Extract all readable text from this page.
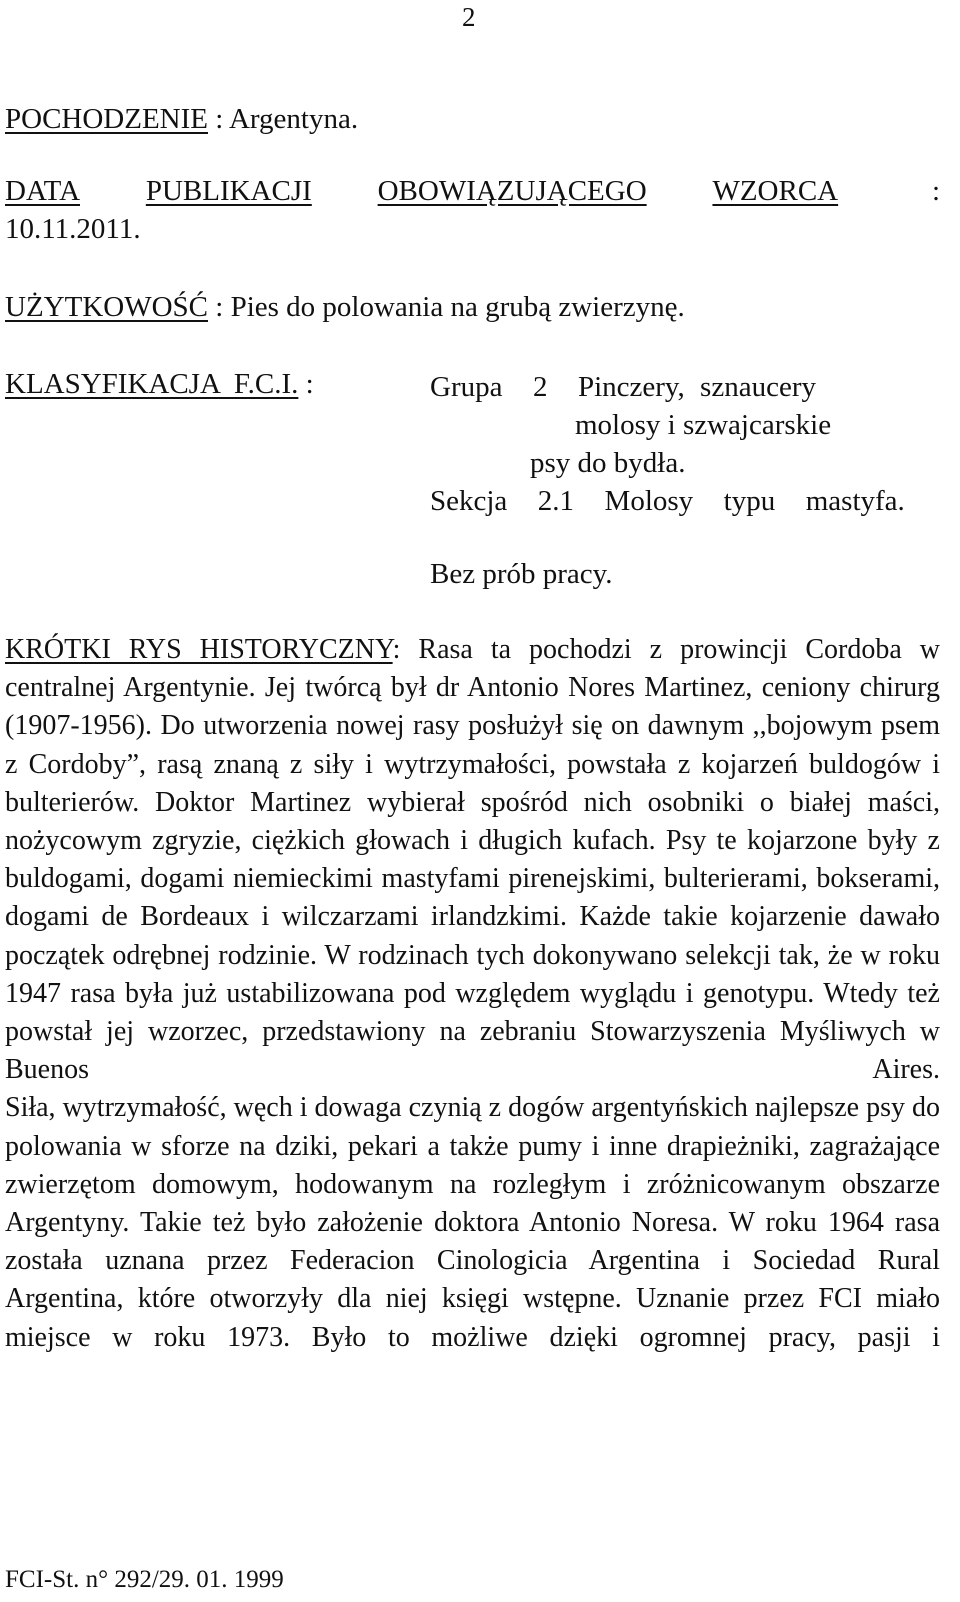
2
POCHODZENIE : Argentyna.
DATA PUBLIKACJI OBOWIĄZUJĄCEGO WZORCA	:
10.11.2011.
UŻYTKOWOŚĆ : Pies do polowania na grubą zwierzynę.
KLASYFIKACJA  F.C.I. :	Grupa  2  Pinczery, sznaucery
molosy i szwajcarskie
psy do bydła.
Sekcja  2.1  Molosy  typu  mastyfa.
Bez prób pracy.

KRÓTKI RYS HISTORYCZNY: Rasa ta pochodzi z prowincji Cordoba w centralnej Argentynie. Jej twórcą był dr Antonio Nores Martinez, ceniony chirurg (1907-1956). Do utworzenia nowej rasy posłużył się on dawnym ,,bojowym psem z Cordoby”, rasą znaną z siły i wytrzymałości, powstała z kojarzeń buldogów i bulterierów. Doktor Martinez wybierał spośród nich osobniki o białej maści, nożycowym zgryzie, ciężkich głowach i długich kufach. Psy te kojarzone były z buldogami, dogami niemieckimi mastyfami pirenejskimi, bulterierami, bokserami, dogami de Bordeaux i wilczarzami irlandzkimi. Każde takie kojarzenie dawało początek odrębnej rodzinie. W rodzinach tych dokonywano selekcji tak, że w roku 1947 rasa była już ustabilizowana pod względem wyglądu i genotypu. Wtedy też powstał jej wzorzec, przedstawiony na zebraniu Stowarzyszenia Myśliwych w Buenos Aires.

Siła, wytrzymałość, węch i dowaga czynią z dogów argentyńskich najlepsze psy do polowania w sforze na dziki, pekari a także pumy i inne drapieżniki, zagrażające zwierzętom domowym, hodowanym na rozległym i zróżnicowanym obszarze Argentyny. Takie też było założenie doktora Antonio Noresa. W roku 1964 rasa została uznana przez Federacion Cinologicia Argentina i Sociedad Rural Argentina, które otworzyły dla niej księgi wstępne. Uznanie przez FCI miało miejsce w roku 1973. Było to możliwe dzięki ogromnej pracy, pasji i

FCI-St. n° 292/29. 01. 1999
